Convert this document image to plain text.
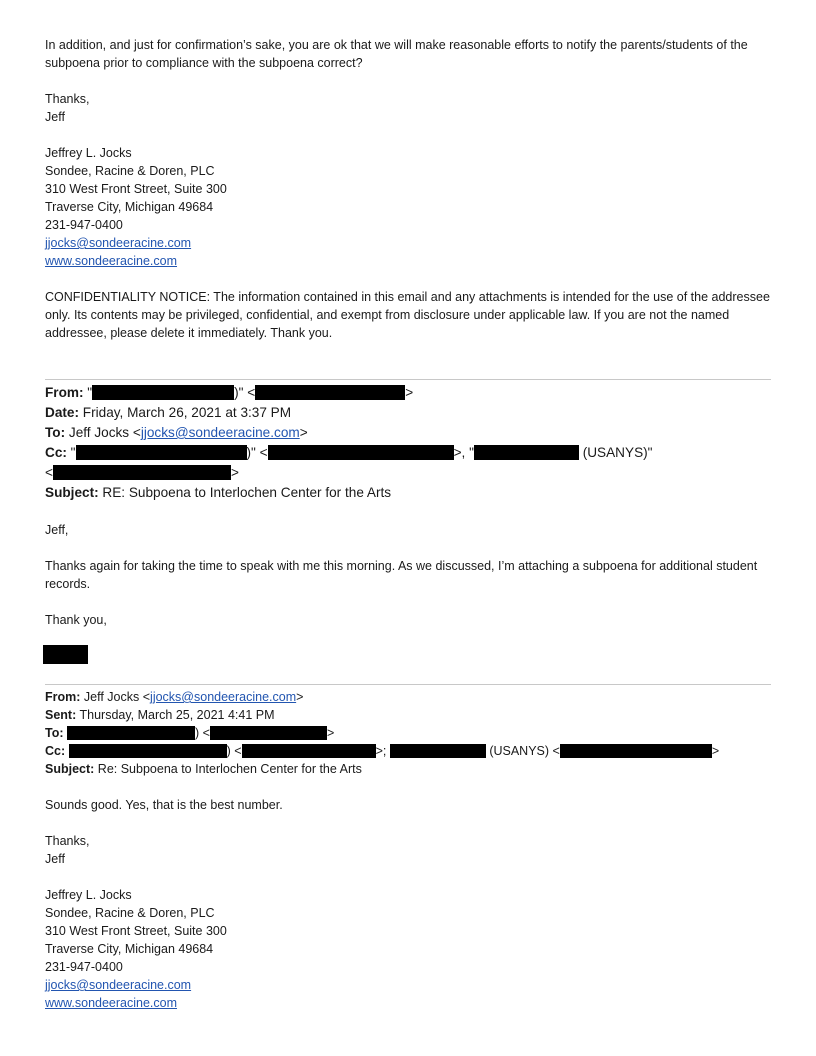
In addition, and just for confirmation’s sake, you are ok that we will make reasonable efforts to notify the parents/students of the subpoena prior to compliance with the subpoena correct?
Thanks,
Jeff
Jeffrey L. Jocks
Sondee, Racine & Doren, PLC
310 West Front Street, Suite 300
Traverse City, Michigan 49684
231-947-0400
jjocks@sondeeracine.com
www.sondeeracine.com
CONFIDENTIALITY NOTICE: The information contained in this email and any attachments is intended for the use of the addressee only. Its contents may be privileged, confidential, and exempt from disclosure under applicable law. If you are not the named addressee, please delete it immediately. Thank you.
From: "	)" <	>
Date: Friday, March 26, 2021 at 3:37 PM
To: Jeff Jocks <jjocks@sondeeracine.com>
Cc: "	)" <	>, "	(USANYS)"
<	>
Subject: RE: Subpoena to Interlochen Center for the Arts
Jeff,
Thanks again for taking the time to speak with me this morning. As we discussed, I’m attaching a subpoena for additional student records.
Thank you,
From: Jeff Jocks <jjocks@sondeeracine.com>
Sent: Thursday, March 25, 2021 4:41 PM
To:	) <	>
Cc:	) <	>;	(USANYS) <	>
Subject: Re: Subpoena to Interlochen Center for the Arts
Sounds good. Yes, that is the best number.
Thanks,
Jeff
Jeffrey L. Jocks
Sondee, Racine & Doren, PLC
310 West Front Street, Suite 300
Traverse City, Michigan 49684
231-947-0400
jjocks@sondeeracine.com
www.sondeeracine.com
